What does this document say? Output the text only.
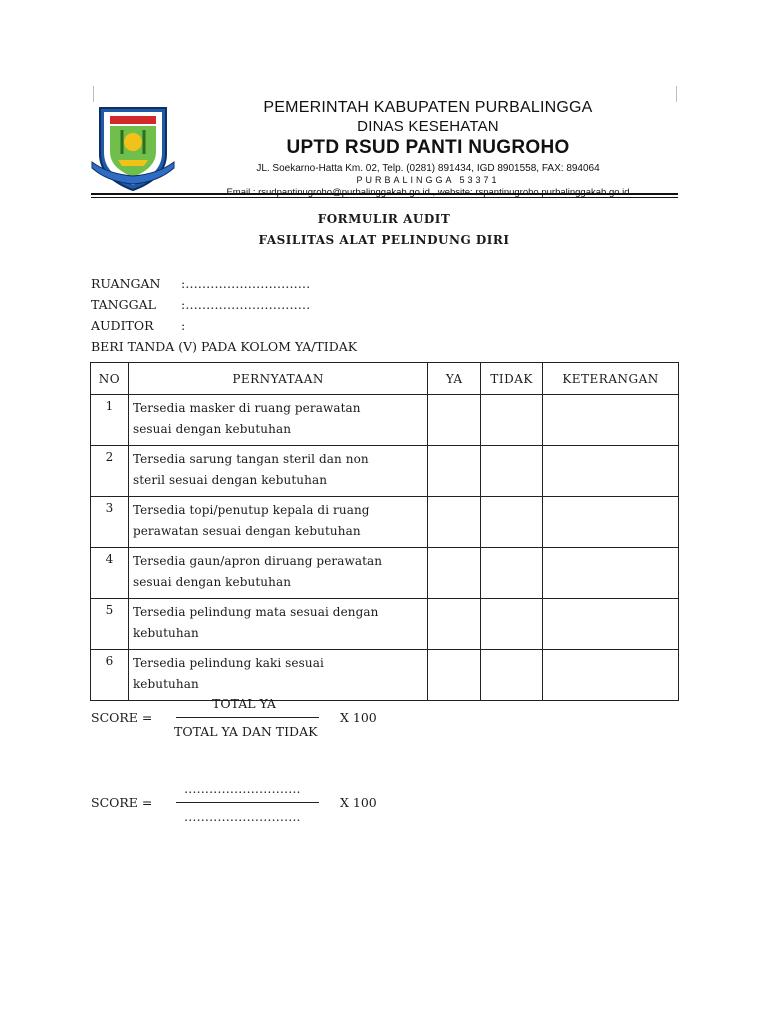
PEMERINTAH KABUPATEN PURBALINGGA
DINAS KESEHATAN
UPTD RSUD PANTI NUGROHO
JL. Soekarno-Hatta Km. 02, Telp. (0281) 891434, IGD 8901558, FAX: 894064
PURBALINGGA 53371
FORMULIR AUDIT
FASILITAS ALAT PELINDUNG DIRI
RUANGAN :…………………………
TANGGAL :…………………………
AUDITOR :
BERI TANDA (V) PADA KOLOM YA/TIDAK
NO	PERNYATAAN	YA	TIDAK	KETERANGAN
1	Tersedia masker di ruang perawatan
sesuai dengan kebutuhan			

2	Tersedia sarung tangan steril dan non
steril sesuai dengan kebutuhan			

3	Tersedia topi/penutup kepala di ruang
perawatan sesuai dengan kebutuhan			

4	Tersedia gaun/apron diruang perawatan
sesuai dengan kebutuhan			

5	Tersedia pelindung mata sesuai dengan
kebutuhan			

6	Tersedia pelindung kaki sesuai
kebutuhan			

SCORE =
TOTAL YA
TOTAL YA DAN TIDAK
X 100
SCORE =
……………………….
……………………….
X 100
